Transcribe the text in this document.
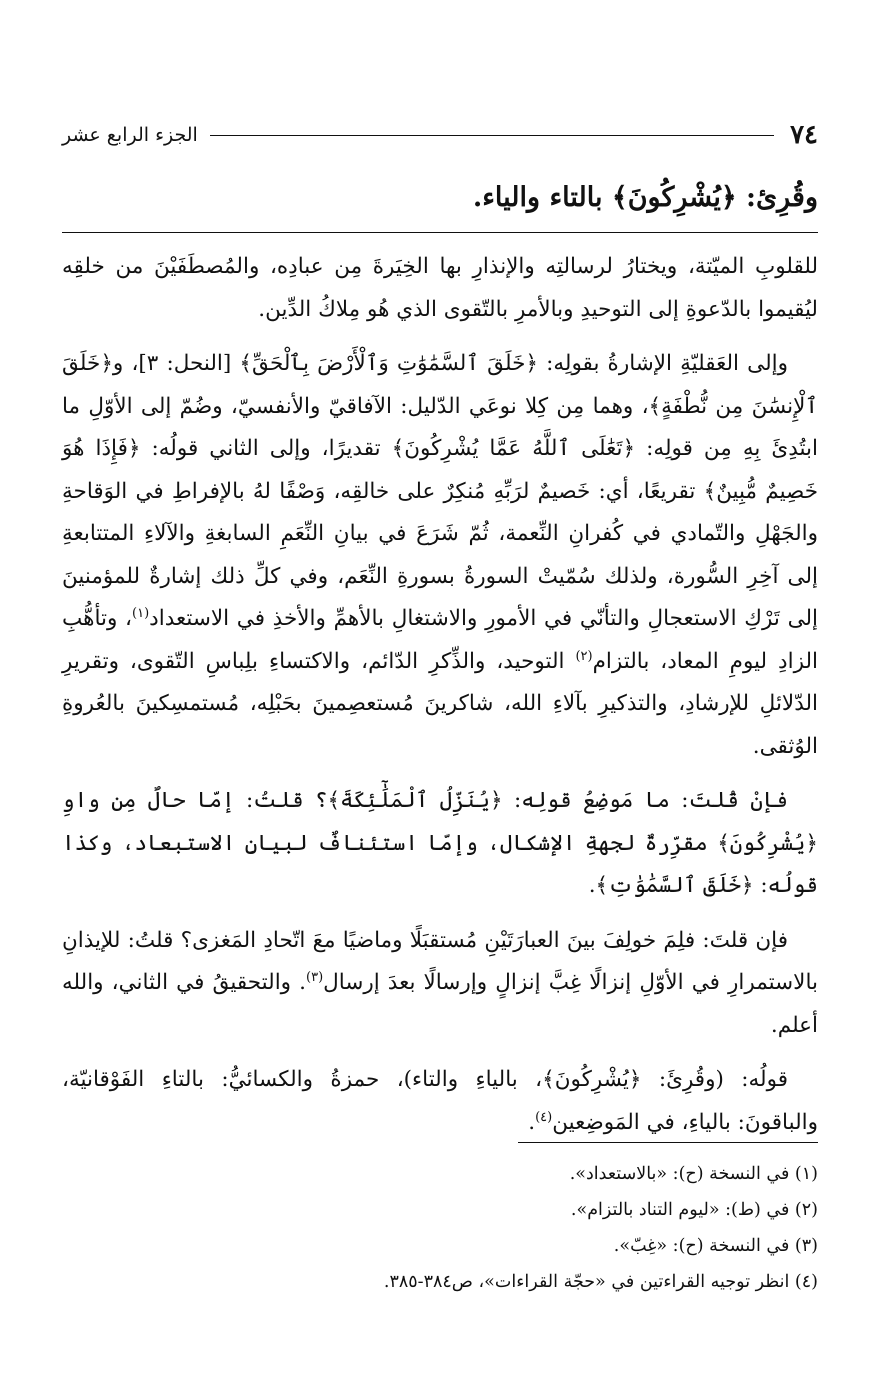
٧٤
الجزء الرابع عشر
وقُرِئ: ﴿يُشْرِكُونَ﴾ بالتاء والياء.

للقلوبِ الميّتة، ويختارُ لرسالتِه والإنذارِ بها الخِيَرةَ مِن عبادِه، والمُصطَفَيْنَ من خلقِه ليُقيموا بالدّعوةِ إلى التوحيدِ وبالأمرِ بالتّقوى الذي هُو مِلاكُ الدِّين.

وإلى العَقليّةِ الإشارةُ بقولِه: ﴿خَلَقَ ٱلسَّمَٰوَٰتِ وَٱلْأَرْضَ بِٱلْحَقِّ﴾ [النحل: ٣]، و﴿خَلَقَ ٱلْإِنسَٰنَ مِن نُّطْفَةٍ﴾، وهما مِن كِلا نوعَي الدّليل: الآفاقيّ والأنفسيّ، وضُمّ إلى الأوّلِ ما ابتُدِئَ بِهِ مِن قولِه: ﴿تَعَٰلَى ٱللَّهُ عَمَّا يُشْرِكُونَ﴾ تقديرًا، وإلى الثاني قولُه: ﴿فَإِذَا هُوَ خَصِيمٌ مُّبِينٌ﴾ تقريعًا، أي: خَصيمٌ لرَبِّهِ مُنكِرٌ على خالقِه، وَصْفًا لهُ بالإفراطِ في الوَقاحةِ والجَهْلِ والتّمادي في كُفرانِ النِّعمة، ثُمّ شَرَعَ في بيانِ النِّعَمِ السابغةِ والآلاءِ المتتابعةِ إلى آخِرِ السُّورة، ولذلك سُمّيتْ السورةُ بسورةِ النِّعَم، وفي كلِّ ذلك إشارةٌ للمؤمنينَ إلى تَرْكِ الاستعجالِ والتأنّي في الأمورِ والاشتغالِ بالأهمِّ والأخذِ في الاستعداد$^{(١)}$، وتأهُّبِ الزادِ ليومِ المعاد، بالتزام$^{(٢)}$ التوحيد، والذِّكرِ الدّائم، والاكتساءِ بلِباسِ التّقوى، وتقريرِ الدّلائلِ للإرشادِ، والتذكيرِ بآلاءِ الله، شاكرينَ مُستعصِمينَ بحَبْلِه، مُستمسِكينَ بالعُروةِ الوُثقى.

فإنْ قُلتَ: ما مَوضِعُ قولِه: ﴿يُنَزِّلُ ٱلْمَلَٰٓئِكَةَ﴾؟ قلتُ: إمّا حالٌ مِن واوِ ﴿يُشْرِكُونَ﴾ مقرِّرةٌ لجهةِ الإشكال، وإمّا استئنافٌ لبيانِ الاستبعاد، وكذا قولُه: ﴿خَلَقَ ٱلسَّمَٰوَٰتِ﴾.

فإن قلتَ: فلِمَ خولِفَ بينَ العبارَتَيْنِ مُستقبَلًا وماضيًا معَ اتّحادِ المَغزى؟ قلتُ: للإيذانِ بالاستمرارِ في الأوّلِ إنزالًا غِبَّ إنزالٍ وإرسالًا بعدَ إرسال$^{(٣)}$. والتحقيقُ في الثاني، والله أعلم.

قولُه: (وقُرِئَ: ﴿يُشْرِكُونَ﴾، بالياءِ والتاء)، حمزةُ والكسائيُّ: بالتاءِ الفَوْقانيّة، والباقونَ: بالياءِ، في المَوضِعين$^{(٤)}$.

(١) في النسخة (ح): «بالاستعداد».
(٢) في (ط): «ليوم التناد بالتزام».
(٣) في النسخة (ح): «غِبّ».
(٤) انظر توجيه القراءتين في «حجّة القراءات»، ص٣٨٤-٣٨٥.
